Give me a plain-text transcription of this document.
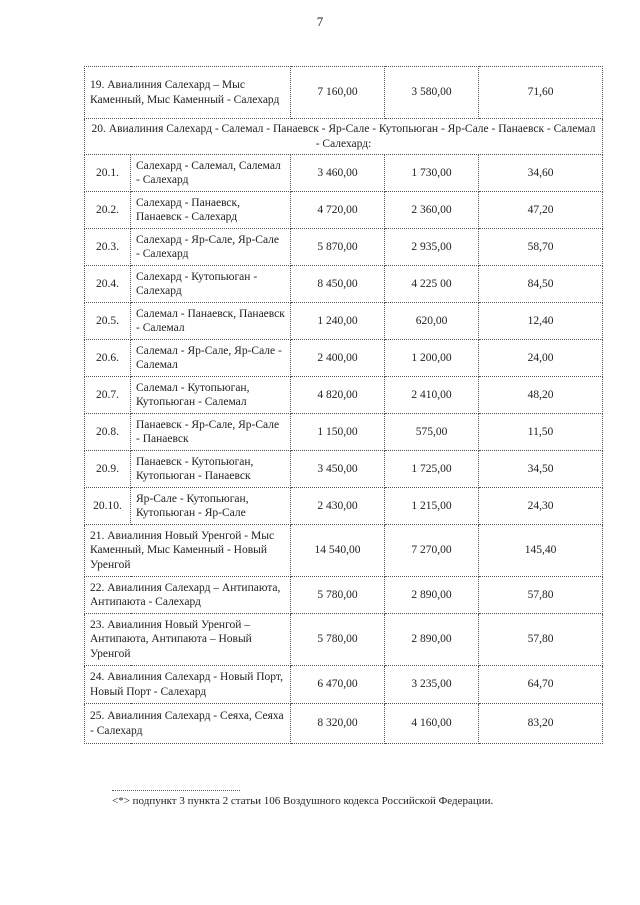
7
19. Авиалиния Салехард – Мыс Каменный, Мыс Каменный - Салехард		7 160,00	3 580,00	71,60
20. Авиалиния Салехард - Салемал - Панаевск - Яр-Сале - Кутопьюган - Яр-Сале - Панаевск - Салемал - Салехард:				
20.1.	Салехард - Салемал, Салемал - Салехард	3 460,00	1 730,00	34,60
20.2.	Салехард - Панаевск, Панаевск - Салехард	4 720,00	2 360,00	47,20
20.3.	Салехард - Яр-Сале, Яр-Сале - Салехард	5 870,00	2 935,00	58,70
20.4.	Салехард - Кутопьюган - Салехард	8 450,00	4 225 00	84,50
20.5.	Салемал - Панаевск, Панаевск - Салемал	1 240,00	620,00	12,40
20.6.	Салемал - Яр-Сале, Яр-Сале - Салемал	2 400,00	1 200,00	24,00
20.7.	Салемал - Кутопьюган, Кутопьюган - Салемал	4 820,00	2 410,00	48,20
20.8.	Панаевск - Яр-Сале, Яр-Сале - Панаевск	1 150,00	575,00	11,50
20.9.	Панаевск - Кутопьюган, Кутопьюган - Панаевск	3 450,00	1 725,00	34,50
20.10.	Яр-Сале - Кутопьюган, Кутопьюган - Яр-Сале	2 430,00	1 215,00	24,30
21. Авиалиния Новый Уренгой - Мыс Каменный, Мыс Каменный - Новый Уренгой		14 540,00	7 270,00	145,40
22. Авиалиния Салехард – Антипаюта, Антипаюта - Салехард		5 780,00	2 890,00	57,80
23. Авиалиния Новый Уренгой – Антипаюта, Антипаюта – Новый Уренгой		5 780,00	2 890,00	57,80
24. Авиалиния Салехард - Новый Порт, Новый Порт - Салехард		6 470,00	3 235,00	64,70
25. Авиалиния Салехард - Сеяха, Сеяха - Салехард		8 320,00	4 160,00	83,20
<*> подпункт 3 пункта 2 статьи 106 Воздушного кодекса Российской Федерации.
